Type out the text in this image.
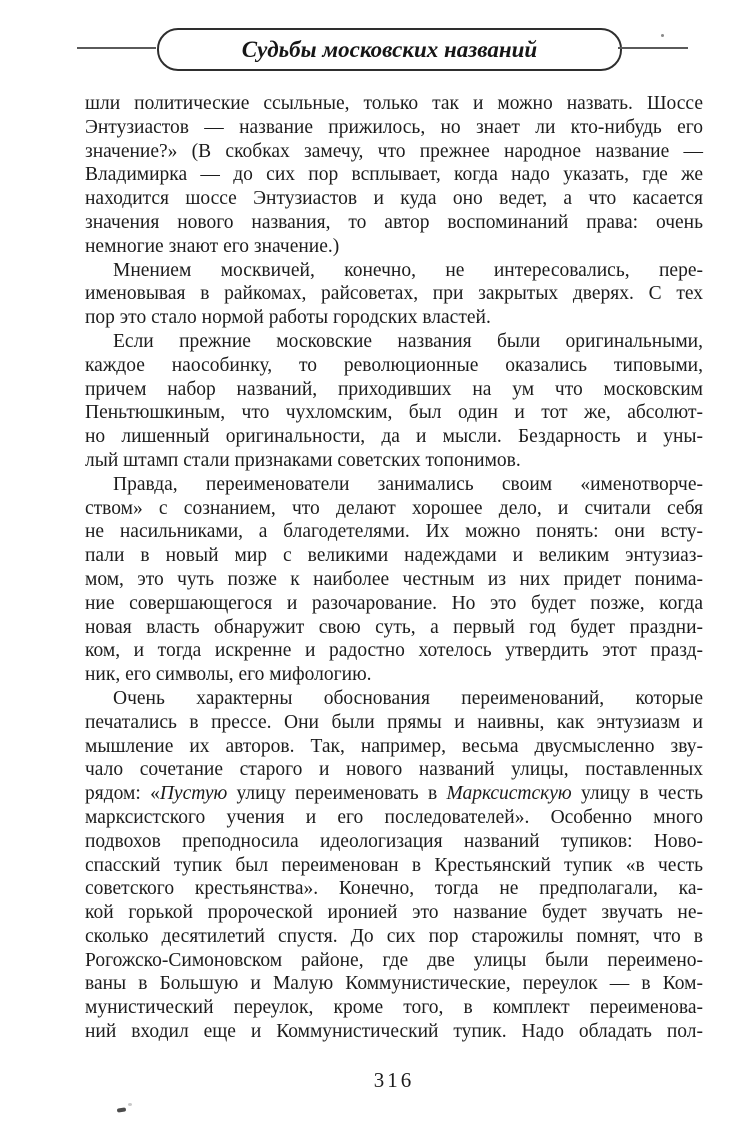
Судьбы московских названий
шли политические ссыльные, только так и можно назвать. Шоссе
Энтузиастов — название прижилось, но знает ли кто-нибудь его
значение?» (В скобках замечу, что прежнее народное название —
Владимирка — до сих пор всплывает, когда надо указать, где же
находится шоссе Энтузиастов и куда оно ведет, а что касается
значения нового названия, то автор воспоминаний права: очень
немногие знают его значение.)
Мнением москвичей, конечно, не интересовались, пере-
именовывая в райкомах, райсоветах, при закрытых дверях. С тех
пор это стало нормой работы городских властей.
Если прежние московские названия были оригинальными,
каждое наособинку, то революционные оказались типовыми,
причем набор названий, приходивших на ум что московским
Пеньтюшкиным, что чухломским, был один и тот же, абсолют-
но лишенный оригинальности, да и мысли. Бездарность и уны-
лый штамп стали признаками советских топонимов.
Правда, переименователи занимались своим «именотворче-
ством» с сознанием, что делают хорошее дело, и считали себя
не насильниками, а благодетелями. Их можно понять: они всту-
пали в новый мир с великими надеждами и великим энтузиаз-
мом, это чуть позже к наиболее честным из них придет понима-
ние совершающегося и разочарование. Но это будет позже, когда
новая власть обнаружит свою суть, а первый год будет праздни-
ком, и тогда искренне и радостно хотелось утвердить этот празд-
ник, его символы, его мифологию.
Очень характерны обоснования переименований, которые
печатались в прессе. Они были прямы и наивны, как энтузиазм и
мышление их авторов. Так, например, весьма двусмысленно зву-
чало сочетание старого и нового названий улицы, поставленных
рядом: «Пустую улицу переименовать в Марксистскую улицу в честь
марксистского учения и его последователей». Особенно много
подвохов преподносила идеологизация названий тупиков: Ново-
спасский тупик был переименован в Крестьянский тупик «в честь
советского крестьянства». Конечно, тогда не предполагали, ка-
кой горькой пророческой иронией это название будет звучать не-
сколько десятилетий спустя. До сих пор старожилы помнят, что в
Рогожско-Симоновском районе, где две улицы были переимено-
ваны в Большую и Малую Коммунистические, переулок — в Ком-
мунистический переулок, кроме того, в комплект переименова-
ний входил еще и Коммунистический тупик. Надо обладать пол-
316
